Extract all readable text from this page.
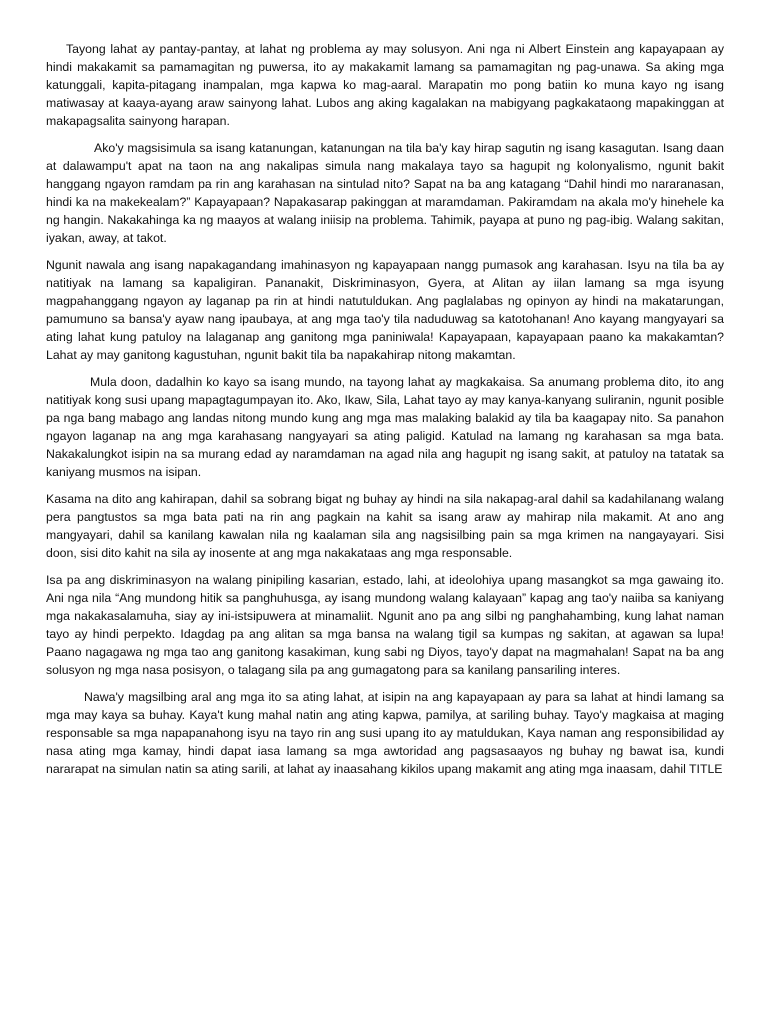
Tayong lahat ay pantay-pantay, at lahat ng problema ay may solusyon. Ani nga ni Albert Einstein ang kapayapaan ay hindi makakamit sa pamamagitan ng puwersa, ito ay makakamit lamang sa pamamagitan ng pag-unawa. Sa aking mga katunggali, kapita-pitagang inampalan, mga kapwa ko mag-aaral. Marapatin mo pong batiin ko muna kayo ng isang matiwasay at kaaya-ayang araw sainyong lahat. Lubos ang aking kagalakan na mabigyang pagkakataong mapakinggan at makapagsalita sainyong harapan.

Ako'y magsisimula sa isang katanungan, katanungan na tila ba'y kay hirap sagutin ng isang kasagutan. Isang daan at dalawampu't apat na taon na ang nakalipas simula nang makalaya tayo sa hagupit ng kolonyalismo, ngunit bakit hanggang ngayon ramdam pa rin ang karahasan na sintulad nito? Sapat na ba ang katagang “Dahil hindi mo nararanasan, hindi ka na makekealam?” Kapayapaan? Napakasarap pakinggan at maramdaman. Pakiramdam na akala mo'y hinehele ka ng hangin. Nakakahinga ka ng maayos at walang iniisip na problema. Tahimik, payapa at puno ng pag-ibig. Walang sakitan, iyakan, away, at takot.

Ngunit nawala ang isang napakagandang imahinasyon ng kapayapaan nangg pumasok ang karahasan. Isyu na tila ba ay natitiyak na lamang sa kapaligiran. Pananakit, Diskriminasyon, Gyera, at Alitan ay iilan lamang sa mga isyung magpahanggang ngayon ay laganap pa rin at hindi natutuldukan. Ang paglalabas ng opinyon ay hindi na makatarungan, pamumuno sa bansa'y ayaw nang ipaubaya, at ang mga tao'y tila naduduwag sa katotohanan! Ano kayang mangyayari sa ating lahat kung patuloy na lalaganap ang ganitong mga paniniwala! Kapayapaan, kapayapaan paano ka makakamtan? Lahat ay may ganitong kagustuhan, ngunit bakit tila ba napakahirap nitong makamtan.

Mula doon, dadalhin ko kayo sa isang mundo, na tayong lahat ay magkakaisa. Sa anumang problema dito, ito ang natitiyak kong susi upang mapagtagumpayan ito. Ako, Ikaw, Sila, Lahat tayo ay may kanya-kanyang suliranin, ngunit posible pa nga bang mabago ang landas nitong mundo kung ang mga mas malaking balakid ay tila ba kaagapay nito. Sa panahon ngayon laganap na ang mga karahasang nangyayari sa ating paligid. Katulad na lamang ng karahasan sa mga bata. Nakakalungkot isipin na sa murang edad ay naramdaman na agad nila ang hagupit ng isang sakit, at patuloy na tatatak sa kaniyang musmos na isipan.

Kasama na dito ang kahirapan, dahil sa sobrang bigat ng buhay ay hindi na sila nakapag-aral dahil sa kadahilanang walang pera pangtustos sa mga bata pati na rin ang pagkain na kahit sa isang araw ay mahirap nila makamit. At ano ang mangyayari, dahil sa kanilang kawalan nila ng kaalaman sila ang nagsisilbing pain sa mga krimen na nangayayari. Sisi doon, sisi dito kahit na sila ay inosente at ang mga nakakataas ang mga responsable.

Isa pa ang diskriminasyon na walang pinipiling kasarian, estado, lahi, at ideolohiya upang masangkot sa mga gawaing ito. Ani nga nila “Ang mundong hitik sa panghuhusga, ay isang mundong walang kalayaan” kapag ang tao'y naiiba sa kaniyang mga nakakasalamuha, siay ay ini-istsipuwera at minamaliit. Ngunit ano pa ang silbi ng panghahambing, kung lahat naman tayo ay hindi perpekto. Idagdag pa ang alitan sa mga bansa na walang tigil sa kumpas ng sakitan, at agawan sa lupa! Paano nagagawa ng mga tao ang ganitong kasakiman, kung sabi ng Diyos, tayo'y dapat na magmahalan! Sapat na ba ang solusyon ng mga nasa posisyon, o talagang sila pa ang gumagatong para sa kanilang pansariling interes.

Nawa'y magsilbing aral ang mga ito sa ating lahat, at isipin na ang kapayapaan ay para sa lahat at hindi lamang sa mga may kaya sa buhay. Kaya't kung mahal natin ang ating kapwa, pamilya, at sariling buhay. Tayo'y magkaisa at maging responsable sa mga napapanahong isyu na tayo rin ang susi upang ito ay matuldukan, Kaya naman ang responsibilidad ay nasa ating mga kamay, hindi dapat iasa lamang sa mga awtoridad ang pagsasaayos ng buhay ng bawat isa, kundi nararapat na simulan natin sa ating sarili, at lahat ay inaasahang kikilos upang makamit ang ating mga inaasam, dahil TITLE
